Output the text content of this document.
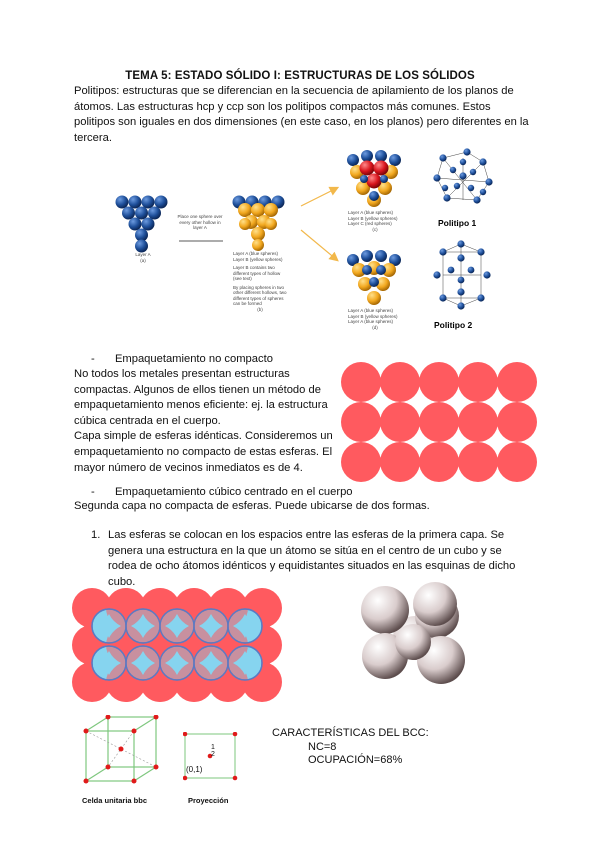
TEMA 5: ESTADO SÓLIDO I: ESTRUCTURAS DE LOS SÓLIDOS
Politipos: estructuras que se diferencian en la secuencia de apilamiento de los planos de
átomos. Las estructuras hcp y ccp son los politipos compactos más comunes. Estos
politipos son iguales en dos dimensiones (en este caso, en los planos) pero diferentes en la
tercera.
Layer A
(a)
Place one sphere over every other hollow in layer A
Layer A (blue spheres) Layer B (yellow spheres)
Layer B contains two different types of hollow (see text)
By placing spheres in two other different hollows, two different types of spheres can be formed
(b)
Layer A (blue spheres) Layer B (yellow spheres) Layer C (red spheres)
(c)
Politipo 1
Layer A (blue spheres) Layer B (yellow spheres) Layer A (blue spheres)
(d)	Politipo 2
- Empaquetamiento no compacto
No todos los metales presentan estructuras
compactas. Algunos de ellos tienen un método de
empaquetamiento menos eficiente: ej. la estructura
cúbica centrada en el cuerpo.
Capa simple de esferas idénticas. Consideremos un
empaquetamiento no compacto de estas esferas. El
mayor número de vecinos inmediatos es de 4.
- Empaquetamiento cúbico centrado en el cuerpo
Segunda capa no compacta de esferas. Puede ubicarse de dos formas.
1. Las esferas se colocan en los espacios entre las esferas de la primera capa. Se
genera una estructura en la que un átomo se sitúa en el centro de un cubo y se
rodea de ocho átomos idénticos y equidistantes situados en las esquinas de dicho
cubo.
Celda unitaria bbc
(0,1)
1
2
Proyección
CARACTERÍSTICAS DEL BCC:
NC=8
OCUPACIÓN=68%
